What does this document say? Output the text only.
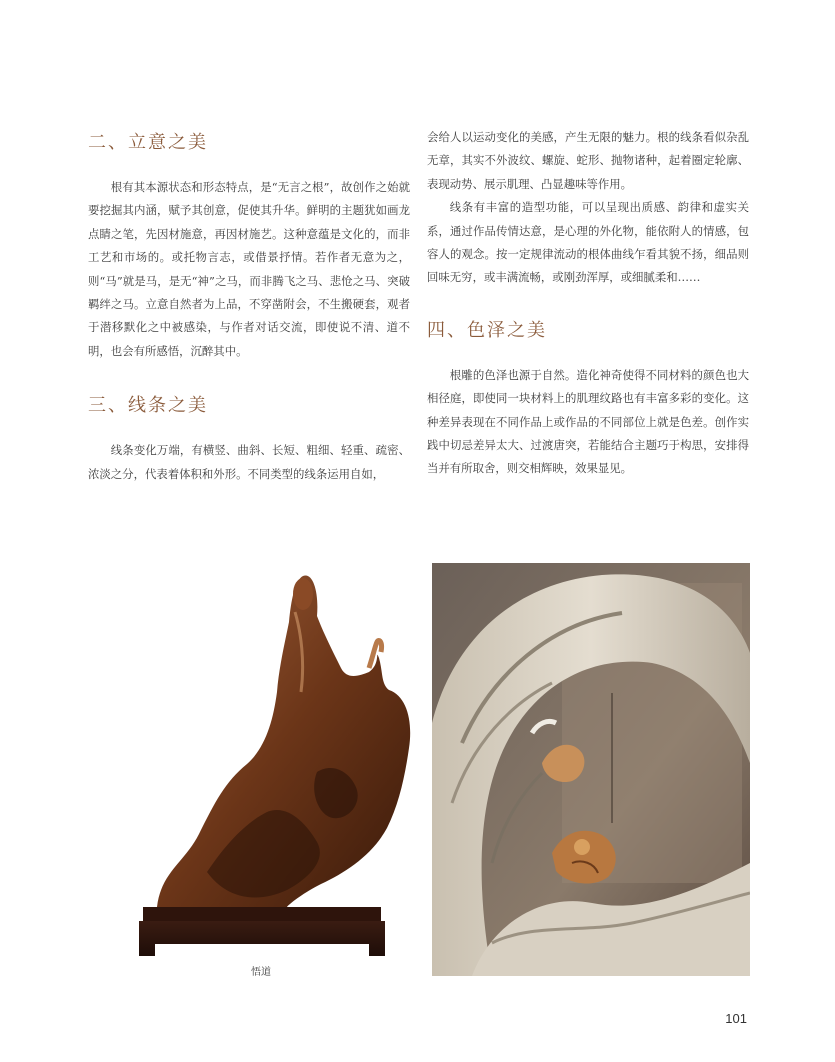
二、立意之美

根有其本源状态和形态特点，是“无言之根”，故创作之始就要挖掘其内涵，赋予其创意，促使其升华。鲜明的主题犹如画龙点睛之笔，先因材施意，再因材施艺。这种意蕴是文化的，而非工艺和市场的。或托物言志，或借景抒情。若作者无意为之，则“马”就是马，是无“神”之马，而非腾飞之马、悲怆之马、突破羁绊之马。立意自然者为上品，不穿凿附会，不生搬硬套，观者于潜移默化之中被感染，与作者对话交流，即使说不清、道不明，也会有所感悟，沉醉其中。

三、线条之美

线条变化万端，有横竖、曲斜、长短、粗细、轻重、疏密、浓淡之分，代表着体积和外形。不同类型的线条运用自如，

会给人以运动变化的美感，产生无限的魅力。根的线条看似杂乱无章，其实不外波纹、螺旋、蛇形、抛物诸种，起着圈定轮廓、表现动势、展示肌理、凸显趣味等作用。

线条有丰富的造型功能，可以呈现出质感、韵律和虚实关系，通过作品传情达意，是心理的外化物，能依附人的情感，包容人的观念。按一定规律流动的根体曲线乍看其貌不扬，细品则回味无穷，或丰满流畅，或刚劲浑厚，或细腻柔和……

四、色泽之美

根雕的色泽也源于自然。造化神奇使得不同材料的颜色也大相径庭，即使同一块材料上的肌理纹路也有丰富多彩的变化。这种差异表现在不同作品上或作品的不同部位上就是色差。创作实践中切忌差异太大、过渡唐突，若能结合主题巧于构思，安排得当并有所取舍，则交相辉映，效果显见。

悟道
101
